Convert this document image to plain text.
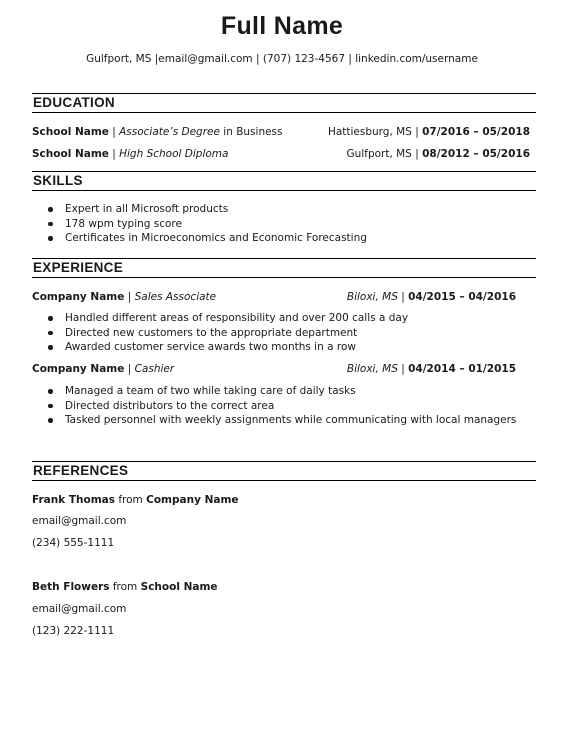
Full Name
Gulfport, MS |email@gmail.com | (707) 123-4567 | linkedin.com/username
EDUCATION
School Name | Associate’s Degree in Business	Hattiesburg, MS | 07/2016 – 05/2018
School Name | High School Diploma	Gulfport, MS | 08/2012 – 05/2016
SKILLS
Expert in all Microsoft products
178 wpm typing score
Certificates in Microeconomics and Economic Forecasting
EXPERIENCE
Company Name | Sales Associate	Biloxi, MS | 04/2015 – 04/2016
Handled different areas of responsibility and over 200 calls a day
Directed new customers to the appropriate department
Awarded customer service awards two months in a row
Company Name | Cashier	Biloxi, MS | 04/2014 – 01/2015
Managed a team of two while taking care of daily tasks
Directed distributors to the correct area
Tasked personnel with weekly assignments while communicating with local managers
REFERENCES
Frank Thomas from Company Name
email@gmail.com
(234) 555-1111
Beth Flowers from School Name
email@gmail.com
(123) 222-1111
